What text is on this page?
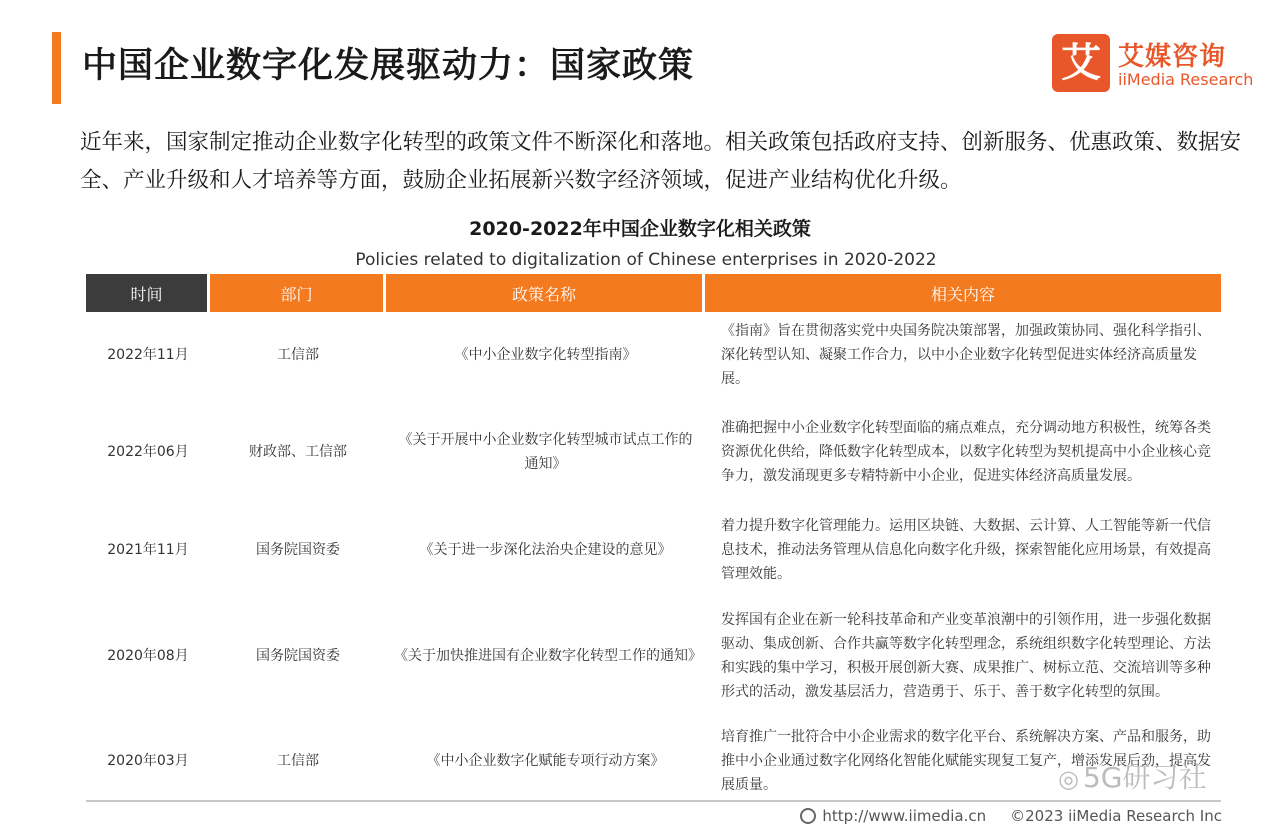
中国企业数字化发展驱动力：国家政策	艾 艾媒咨询
iiMedia Research
近年来，国家制定推动企业数字化转型的政策文件不断深化和落地。相关政策包括政府支持、创新服务、优惠政策、数据安全、产业升级和人才培养等方面，鼓励企业拓展新兴数字经济领域，促进产业结构优化升级。
2020-2022年中国企业数字化相关政策
Policies related to digitalization of Chinese enterprises in 2020-2022
时间	部门	政策名称	相关内容
2022年11月	工信部	《中小企业数字化转型指南》	《指南》旨在贯彻落实党中央国务院决策部署，加强政策协同、强化科学指引、深化转型认知、凝聚工作合力，以中小企业数字化转型促进实体经济高质量发展。
2022年06月	财政部、工信部	《关于开展中小企业数字化转型城市试点工作的通知》	准确把握中小企业数字化转型面临的痛点难点，充分调动地方积极性，统筹各类资源优化供给，降低数字化转型成本，以数字化转型为契机提高中小企业核心竞争力，激发涌现更多专精特新中小企业，促进实体经济高质量发展。
2021年11月	国务院国资委	《关于进一步深化法治央企建设的意见》	着力提升数字化管理能力。运用区块链、大数据、云计算、人工智能等新一代信息技术，推动法务管理从信息化向数字化升级，探索智能化应用场景，有效提高管理效能。
2020年08月	国务院国资委	《关于加快推进国有企业数字化转型工作的通知》	发挥国有企业在新一轮科技革命和产业变革浪潮中的引领作用，进一步强化数据驱动、集成创新、合作共赢等数字化转型理念，系统组织数字化转型理论、方法和实践的集中学习，积极开展创新大赛、成果推广、树标立范、交流培训等多种形式的活动，激发基层活力，营造勇于、乐于、善于数字化转型的氛围。
2020年03月	工信部	《中小企业数字化赋能专项行动方案》	培育推广一批符合中小企业需求的数字化平台、系统解决方案、产品和服务，助推中小企业通过数字化网络化智能化赋能实现复工复产，增添发展后劲，提高发展质量。	◎ 5G研习社
http://www.iimedia.cn ©2023 iiMedia Research Inc
